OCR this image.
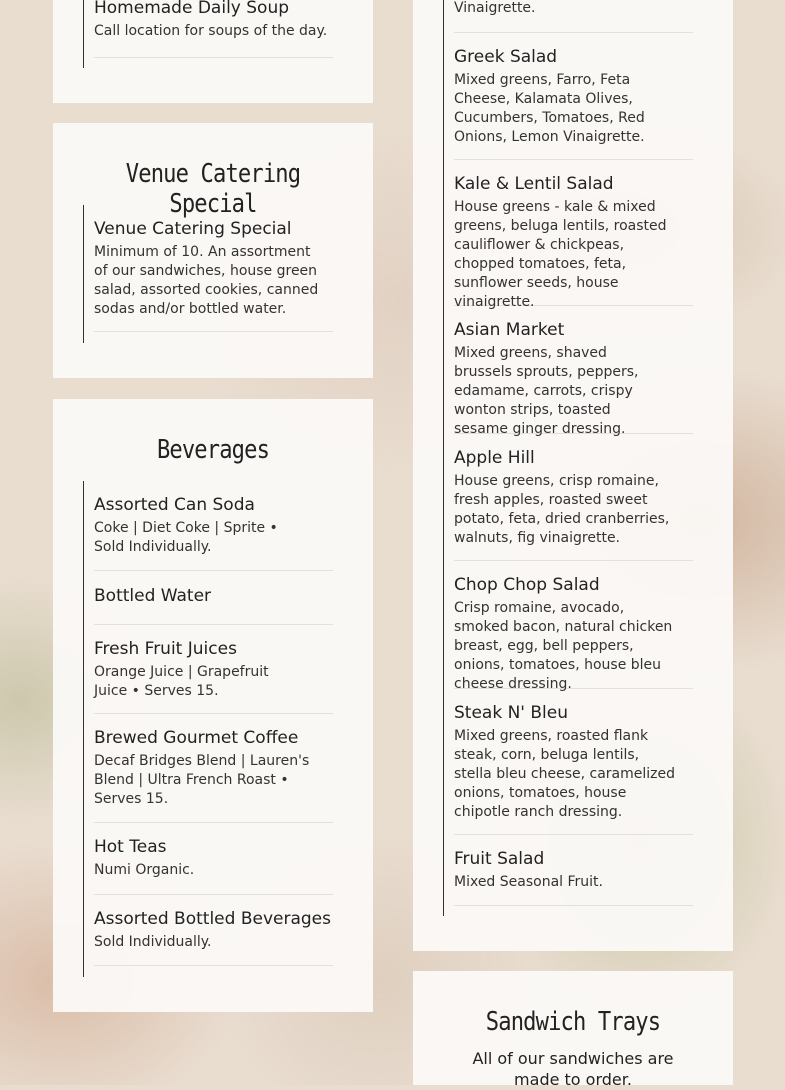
Homemade Daily Soup
Call location for soups of the day.
Venue Catering Special
Venue Catering Special
Minimum of 10. An assortment of our sandwiches, house green salad, assorted cookies, canned sodas and/or bottled water.
Beverages
Assorted Can Soda
Coke | Diet Coke | Sprite • Sold Individually.
Bottled Water
Fresh Fruit Juices
Orange Juice | Grapefruit Juice • Serves 15.
Brewed Gourmet Coffee
Decaf Bridges Blend | Lauren's Blend | Ultra French Roast • Serves 15.
Hot Teas
Numi Organic.
Assorted Bottled Beverages
Sold Individually.
Vinaigrette.
Greek Salad
Mixed greens, Farro, Feta Cheese, Kalamata Olives, Cucumbers, Tomatoes, Red Onions, Lemon Vinaigrette.
Kale & Lentil Salad
House greens - kale & mixed greens, beluga lentils, roasted cauliflower & chickpeas, chopped tomatoes, feta, sunflower seeds, house vinaigrette.
Asian Market
Mixed greens, shaved brussels sprouts, peppers, edamame, carrots, crispy wonton strips, toasted sesame ginger dressing.
Apple Hill
House greens, crisp romaine, fresh apples, roasted sweet potato, feta, dried cranberries, walnuts, fig vinaigrette.
Chop Chop Salad
Crisp romaine, avocado, smoked bacon, natural chicken breast, egg, bell peppers, onions, tomatoes, house bleu cheese dressing.
Steak N' Bleu
Mixed greens, roasted flank steak, corn, beluga lentils, stella bleu cheese, caramelized onions, tomatoes, house chipotle ranch dressing.
Fruit Salad
Mixed Seasonal Fruit.
Sandwich Trays
All of our sandwiches are made to order.
